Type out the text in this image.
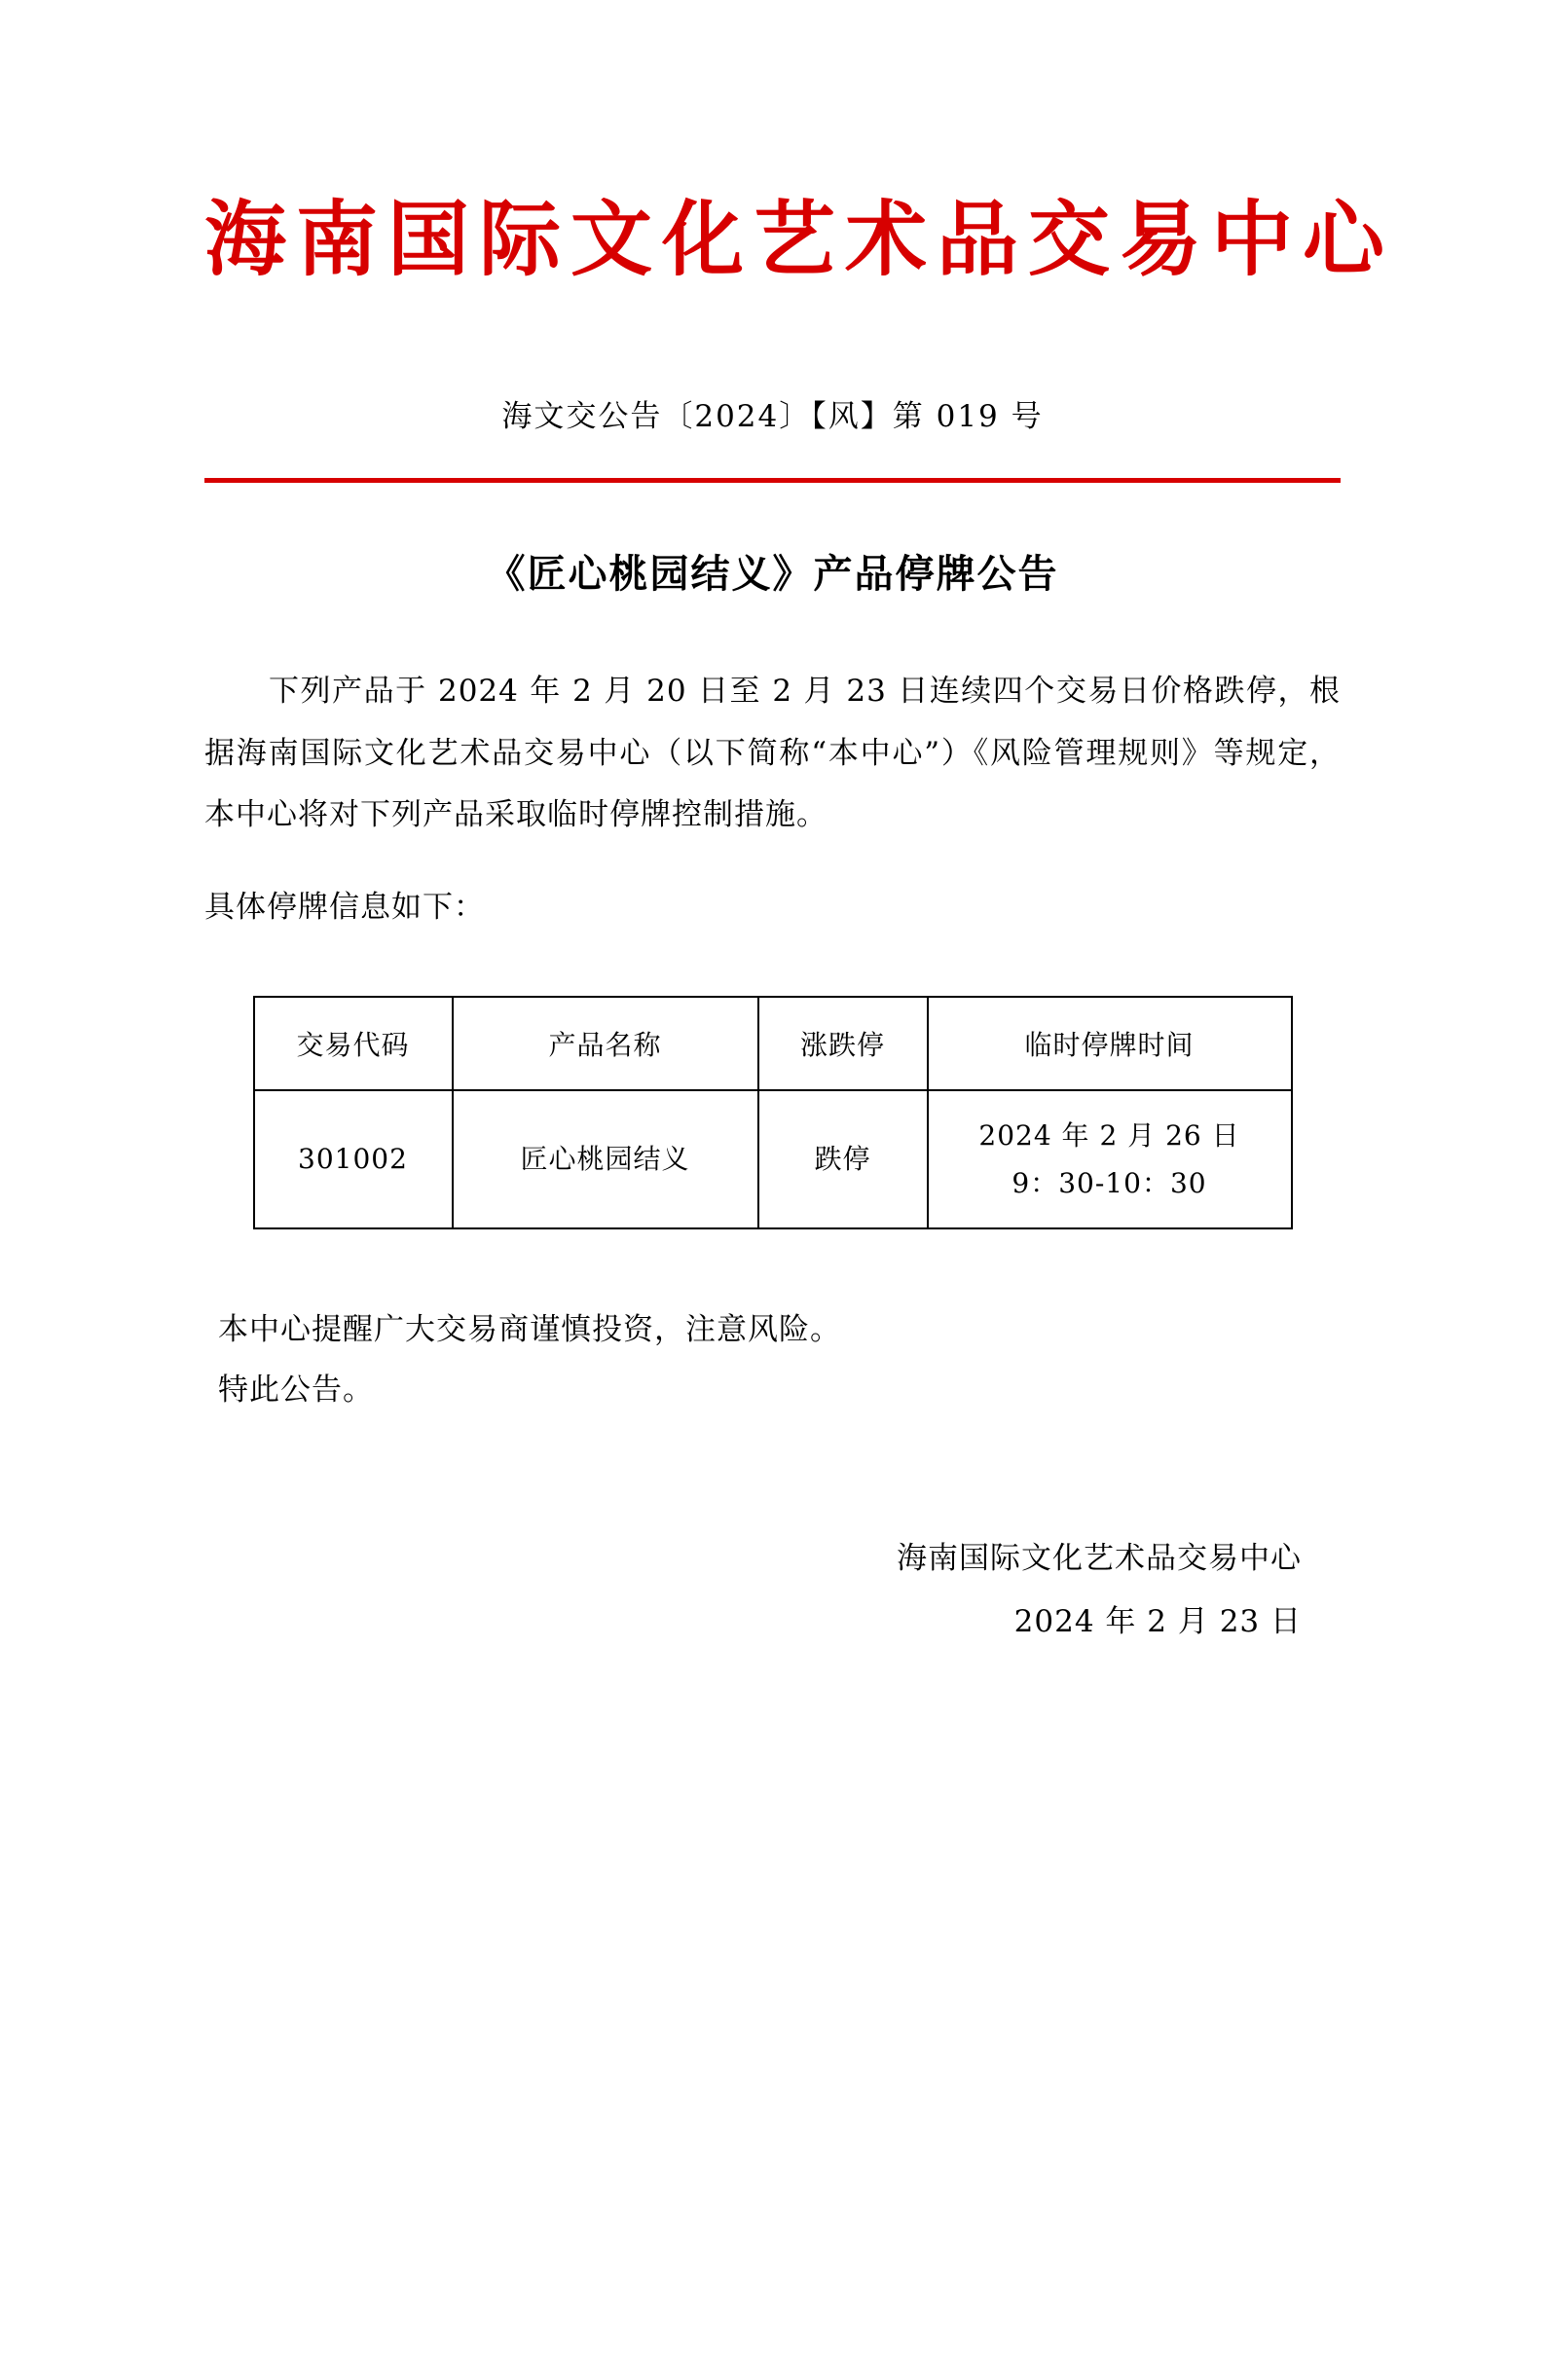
海南国际文化艺术品交易中心
海文交公告〔2024〕【风】第 019 号
《匠心桃园结义》产品停牌公告

下列产品于 2024 年 2 月 20 日至 2 月 23 日连续四个交易日价格跌停，根据海南国际文化艺术品交易中心（以下简称“本中心”）《风险管理规则》等规定，本中心将对下列产品采取临时停牌控制措施。

具体停牌信息如下：

交易代码	产品名称	涨跌停	临时停牌时间
301002	匠心桃园结义	跌停	2024 年 2 月 26 日
9：30-10：30
本中心提醒广大交易商谨慎投资，注意风险。
特此公告。
海南国际文化艺术品交易中心
2024 年 2 月 23 日
